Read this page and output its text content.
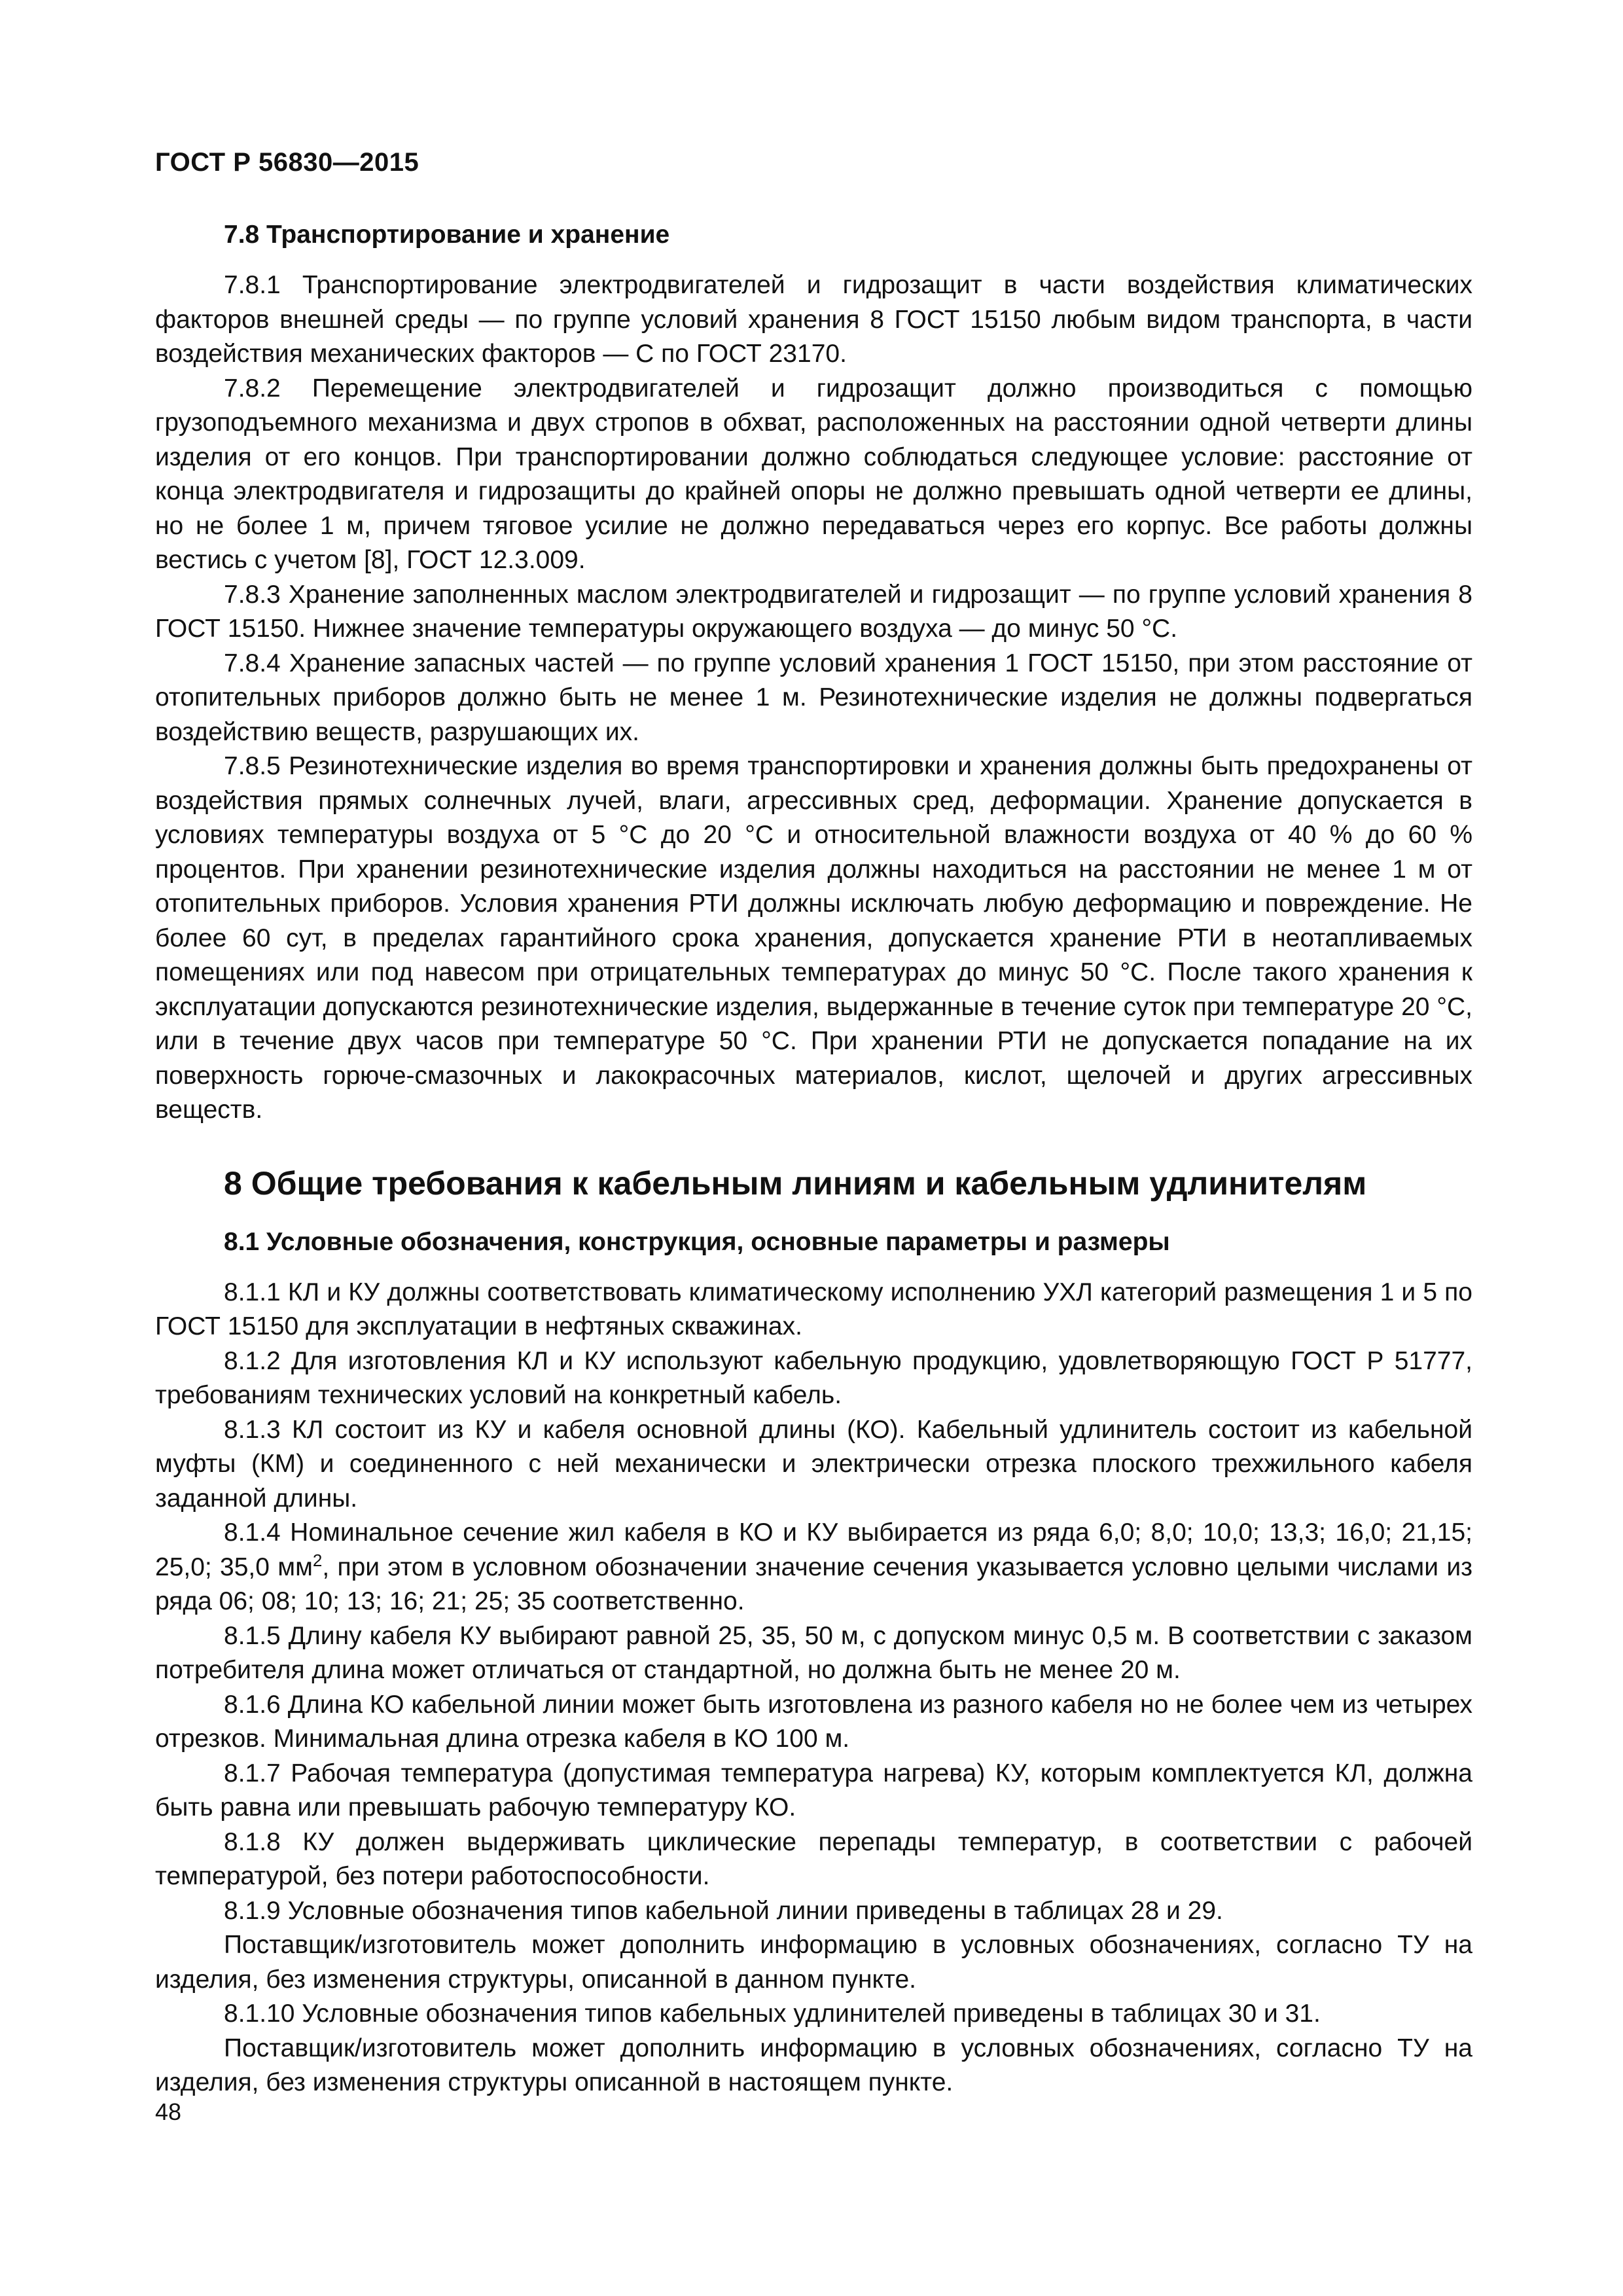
ГОСТ Р 56830—2015

7.8 Транспортирование и хранение

7.8.1 Транспортирование электродвигателей и гидрозащит в части воздействия климатических факторов внешней среды — по группе условий хранения 8 ГОСТ 15150 любым видом транспорта, в части воздействия механических факторов — С по ГОСТ 23170.

7.8.2 Перемещение электродвигателей и гидрозащит должно производиться с помощью грузоподъемного механизма и двух стропов в обхват, расположенных на расстоянии одной четверти длины изделия от его концов. При транспортировании должно соблюдаться следующее условие: расстояние от конца электродвигателя и гидрозащиты до крайней опоры не должно превышать одной четверти ее длины, но не более 1 м, причем тяговое усилие не должно передаваться через его корпус. Все работы должны вестись с учетом [8], ГОСТ 12.3.009.

7.8.3 Хранение заполненных маслом электродвигателей и гидрозащит — по группе условий хранения 8 ГОСТ 15150. Нижнее значение температуры окружающего воздуха — до минус 50 °С.

7.8.4 Хранение запасных частей — по группе условий хранения 1 ГОСТ 15150, при этом расстояние от отопительных приборов должно быть не менее 1 м. Резинотехнические изделия не должны подвергаться воздействию веществ, разрушающих их.

7.8.5 Резинотехнические изделия во время транспортировки и хранения должны быть предохранены от воздействия прямых солнечных лучей, влаги, агрессивных сред, деформации. Хранение допускается в условиях температуры воздуха от 5 °С до 20 °С и относительной влажности воздуха от 40 % до 60 % процентов. При хранении резинотехнические изделия должны находиться на расстоянии не менее 1 м от отопительных приборов. Условия хранения РТИ должны исключать любую деформацию и повреждение. Не более 60 сут, в пределах гарантийного срока хранения, допускается хранение РТИ в неотапливаемых помещениях или под навесом при отрицательных температурах до минус 50 °С. После такого хранения к эксплуатации допускаются резинотехнические изделия, выдержанные в течение суток при температуре 20 °С, или в течение двух часов при температуре 50 °С. При хранении РТИ не допускается попадание на их поверхность горюче-смазочных и лакокрасочных материалов, кислот, щелочей и других агрессивных веществ.

8 Общие требования к кабельным линиям и кабельным удлинителям
8.1 Условные обозначения, конструкция, основные параметры и размеры

8.1.1 КЛ и КУ должны соответствовать климатическому исполнению УХЛ категорий размещения 1 и 5 по ГОСТ 15150 для эксплуатации в нефтяных скважинах.

8.1.2 Для изготовления КЛ и КУ используют кабельную продукцию, удовлетворяющую ГОСТ Р 51777, требованиям технических условий на конкретный кабель.

8.1.3 КЛ состоит из КУ и кабеля основной длины (КО). Кабельный удлинитель состоит из кабельной муфты (КМ) и соединенного с ней механически и электрически отрезка плоского трехжильного кабеля заданной длины.

8.1.4 Номинальное сечение жил кабеля в КО и КУ выбирается из ряда 6,0; 8,0; 10,0; 13,3; 16,0; 21,15; 25,0; 35,0 $мм^2$, при этом в условном обозначении значение сечения указывается условно целыми числами из ряда 06; 08; 10; 13; 16; 21; 25; 35 соответственно.

8.1.5 Длину кабеля КУ выбирают равной 25, 35, 50 м, с допуском минус 0,5 м. В соответствии с заказом потребителя длина может отличаться от стандартной, но должна быть не менее 20 м.

8.1.6 Длина КО кабельной линии может быть изготовлена из разного кабеля но не более чем из четырех отрезков. Минимальная длина отрезка кабеля в КО 100 м.

8.1.7 Рабочая температура (допустимая температура нагрева) КУ, которым комплектуется КЛ, должна быть равна или превышать рабочую температуру КО.

8.1.8 КУ должен выдерживать циклические перепады температур, в соответствии с рабочей температурой, без потери работоспособности.

8.1.9 Условные обозначения типов кабельной линии приведены в таблицах 28 и 29.

Поставщик/изготовитель может дополнить информацию в условных обозначениях, согласно ТУ на изделия, без изменения структуры, описанной в данном пункте.

8.1.10 Условные обозначения типов кабельных удлинителей приведены в таблицах 30 и 31.

Поставщик/изготовитель может дополнить информацию в условных обозначениях, согласно ТУ на изделия, без изменения структуры описанной в настоящем пункте.

48
